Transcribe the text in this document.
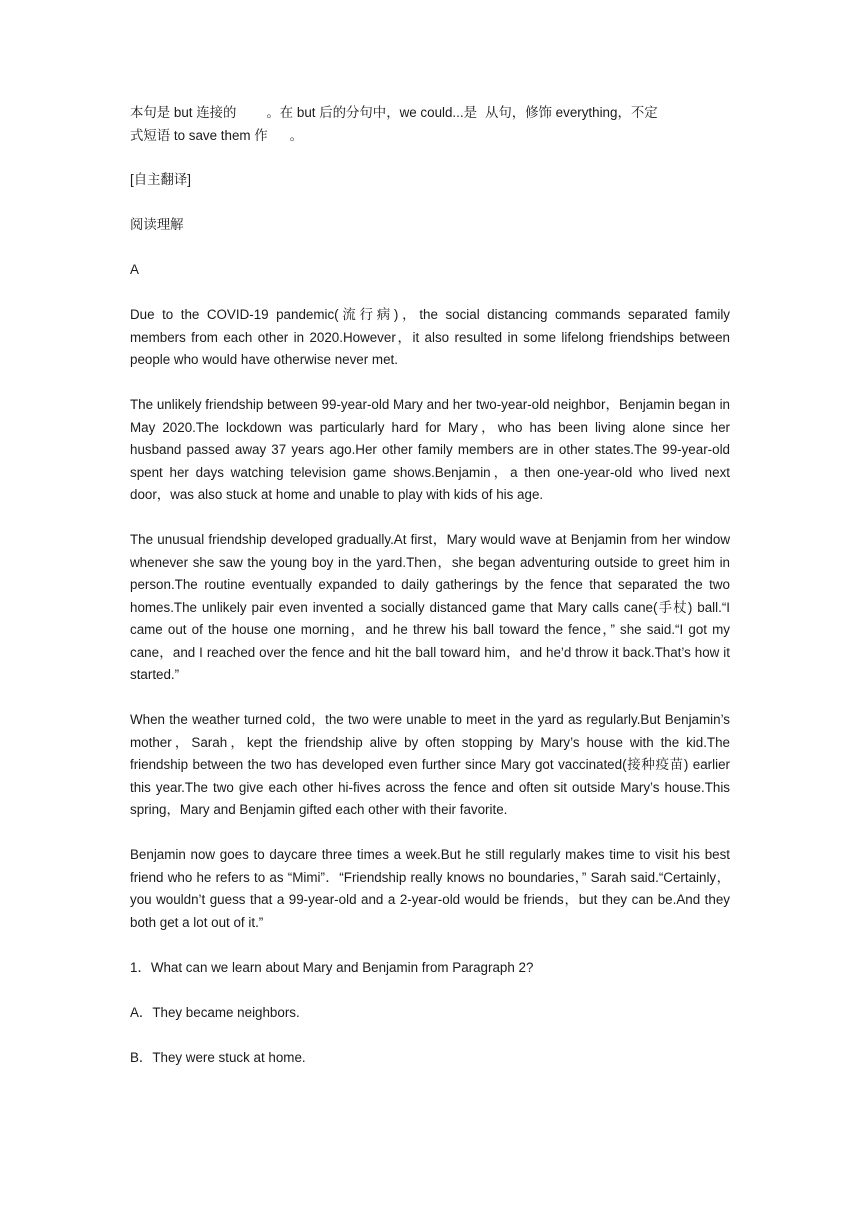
本句是 but 连接的 。在 but 后的分句中，we could...是 从句，修饰 everything，不定
式短语 to save them 作 。

[自主翻译]

阅读理解

A

Due to the COVID-19 pandemic(流行病)，the social distancing commands separated family members from each other in 2020.However，it also resulted in some lifelong friendships between people who would have otherwise never met.

The unlikely friendship between 99-year-old Mary and her two-year-old neighbor，Benjamin began in May 2020.The lockdown was particularly hard for Mary，who has been living alone since her husband passed away 37 years ago.Her other family members are in other states.The 99-year-old spent her days watching television game shows.Benjamin，a then one-year-old who lived next door，was also stuck at home and unable to play with kids of his age.

The unusual friendship developed gradually.At first，Mary would wave at Benjamin from her window whenever she saw the young boy in the yard.Then，she began adventuring outside to greet him in person.The routine eventually expanded to daily gatherings by the fence that separated the two homes.The unlikely pair even invented a socially distanced game that Mary calls cane(手杖) ball.“I came out of the house one morning，and he threw his ball toward the fence，” she said.“I got my cane，and I reached over the fence and hit the ball toward him，and he’d throw it back.That’s how it started.”

When the weather turned cold，the two were unable to meet in the yard as regularly.But Benjamin’s mother，Sarah，kept the friendship alive by often stopping by Mary’s house with the kid.The friendship between the two has developed even further since Mary got vaccinated(接种疫苗) earlier this year.The two give each other hi-fives across the fence and often sit outside Mary’s house.This spring，Mary and Benjamin gifted each other with their favorite.

Benjamin now goes to daycare three times a week.But he still regularly makes time to visit his best friend who he refers to as “Mimi”．“Friendship really knows no boundaries，” Sarah said.“Certainly，you wouldn’t guess that a 99-year-old and a 2-year-old would be friends，but they can be.And they both get a lot out of it.”

1．What can we learn about Mary and Benjamin from Paragraph 2?

A．They became neighbors.

B．They were stuck at home.
